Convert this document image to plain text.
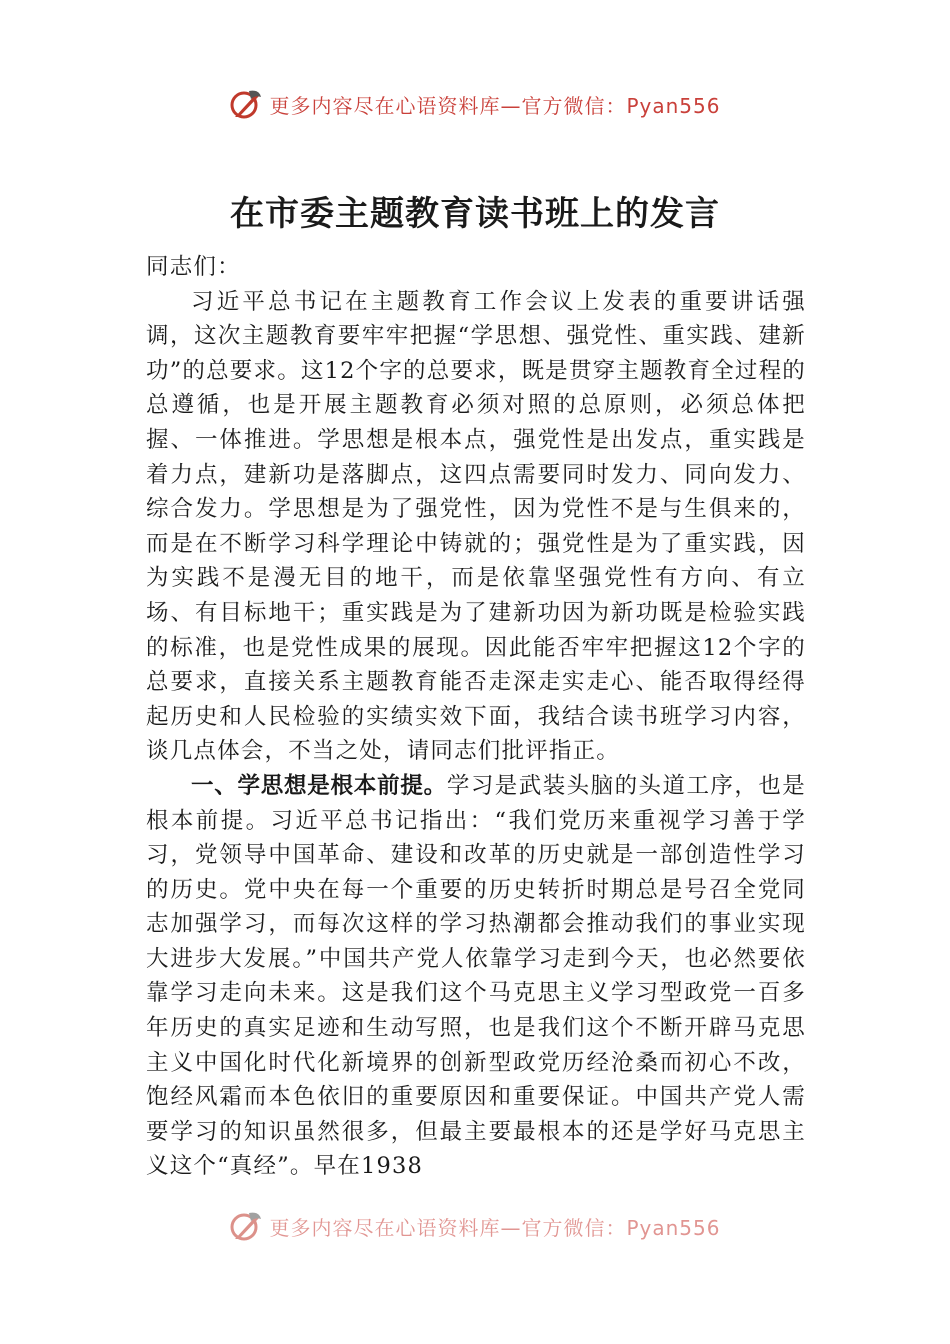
更多内容尽在心语资料库—官方微信：Pyan556
在市委主题教育读书班上的发言

同志们：

习近平总书记在主题教育工作会议上发表的重要讲话强调，这次主题教育要牢牢把握“学思想、强党性、重实践、建新功”的总要求。这12个字的总要求，既是贯穿主题教育全过程的总遵循，也是开展主题教育必须对照的总原则，必须总体把握、一体推进。学思想是根本点，强党性是出发点，重实践是着力点，建新功是落脚点，这四点需要同时发力、同向发力、综合发力。学思想是为了强党性，因为党性不是与生俱来的，而是在不断学习科学理论中铸就的；强党性是为了重实践，因为实践不是漫无目的地干，而是依靠坚强党性有方向、有立场、有目标地干；重实践是为了建新功因为新功既是检验实践的标准，也是党性成果的展现。因此能否牢牢把握这12个字的总要求，直接关系主题教育能否走深走实走心、能否取得经得起历史和人民检验的实绩实效下面，我结合读书班学习内容，谈几点体会，不当之处，请同志们批评指正。

一、学思想是根本前提。学习是武装头脑的头道工序，也是根本前提。习近平总书记指出：“我们党历来重视学习善于学习，党领导中国革命、建设和改革的历史就是一部创造性学习的历史。党中央在每一个重要的历史转折时期总是号召全党同志加强学习，而每次这样的学习热潮都会推动我们的事业实现大进步大发展。”中国共产党人依靠学习走到今天，也必然要依靠学习走向未来。这是我们这个马克思主义学习型政党一百多年历史的真实足迹和生动写照，也是我们这个不断开辟马克思主义中国化时代化新境界的创新型政党历经沧桑而初心不改，饱经风霜而本色依旧的重要原因和重要保证。中国共产党人需要学习的知识虽然很多，但最主要最根本的还是学好马克思主义这个“真经”。早在1938

更多内容尽在心语资料库—官方微信：Pyan556
